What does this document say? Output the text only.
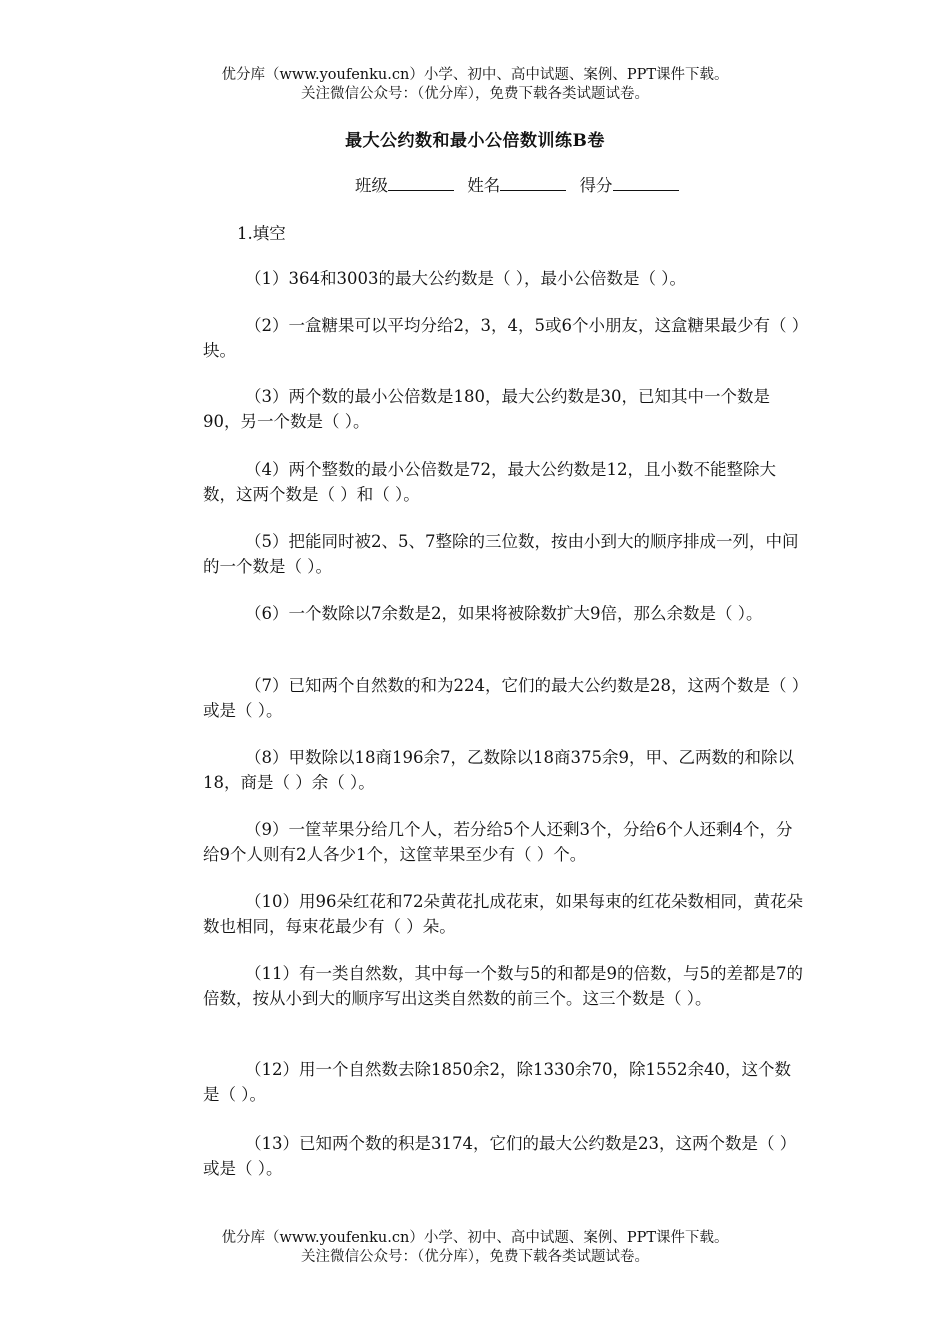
优分库（www.youfenku.cn）小学、初中、高中试题、案例、PPT课件下载。
关注微信公众号：（优分库），免费下载各类试题试卷。
最大公约数和最小公倍数训练B卷
班级	姓名	得分
1.填空
（1）364和3003的最大公约数是（ ），最小公倍数是（ ）。
（2）一盒糖果可以平均分给2，3，4，5或6个小朋友，这盒糖果最少有（ ）块。
（3）两个数的最小公倍数是180，最大公约数是30，已知其中一个数是90，另一个数是（ ）。
（4）两个整数的最小公倍数是72，最大公约数是12，且小数不能整除大数，这两个数是（ ）和（ ）。
（5）把能同时被2、5、7整除的三位数，按由小到大的顺序排成一列，中间的一个数是（ ）。
（6）一个数除以7余数是2，如果将被除数扩大9倍，那么余数是（ ）。
（7）已知两个自然数的和为224，它们的最大公约数是28，这两个数是（ ）或是（ ）。
（8）甲数除以18商196余7，乙数除以18商375余9，甲、乙两数的和除以18，商是（ ）余（ ）。
（9）一筐苹果分给几个人，若分给5个人还剩3个，分给6个人还剩4个，分给9个人则有2人各少1个，这筐苹果至少有（ ）个。
（10）用96朵红花和72朵黄花扎成花束，如果每束的红花朵数相同，黄花朵数也相同，每束花最少有（ ）朵。
（11）有一类自然数，其中每一个数与5的和都是9的倍数，与5的差都是7的倍数，按从小到大的顺序写出这类自然数的前三个。这三个数是（ ）。
（12）用一个自然数去除1850余2，除1330余70，除1552余40，这个数是（ ）。
（13）已知两个数的积是3174，它们的最大公约数是23，这两个数是（ ）或是（ ）。
优分库（www.youfenku.cn）小学、初中、高中试题、案例、PPT课件下载。
关注微信公众号：（优分库），免费下载各类试题试卷。
